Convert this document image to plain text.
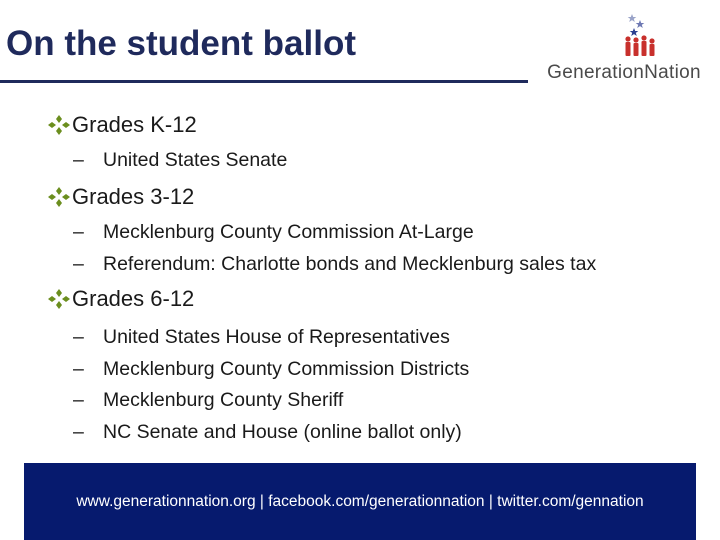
On the student ballot
GenerationNation
Grades K-12
– United States Senate
Grades 3-12
– Mecklenburg County Commission At-Large
– Referendum: Charlotte bonds and Mecklenburg sales tax
Grades 6-12
– United States House of Representatives
– Mecklenburg County Commission Districts
– Mecklenburg County Sheriff
– NC Senate and House (online ballot only)
www.generationnation.org | facebook.com/generationnation | twitter.com/gennation
